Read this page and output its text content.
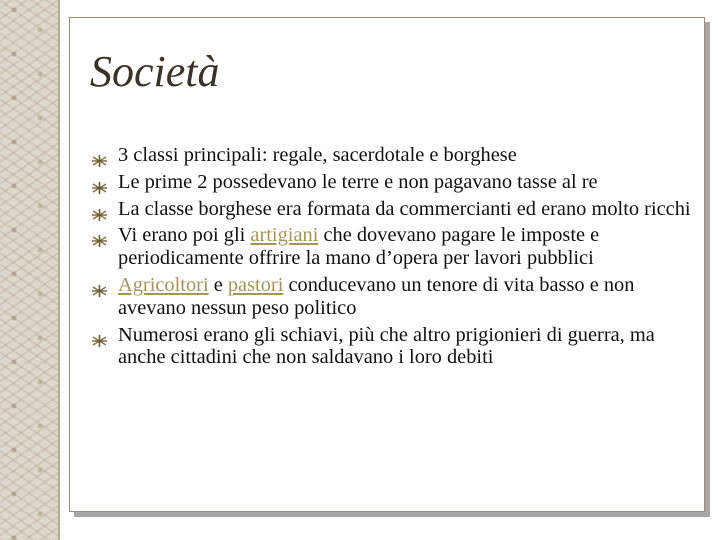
Società
3 classi principali: regale, sacerdotale e borghese
Le prime 2 possedevano le terre e non pagavano tasse al re
La classe borghese era formata da commercianti ed erano molto ricchi
Vi erano poi gli artigiani che dovevano pagare le imposte e periodicamente offrire la mano d’opera per lavori pubblici
Agricoltori e pastori conducevano un tenore di vita basso e non avevano nessun peso politico
Numerosi erano gli schiavi, più che altro prigionieri di guerra, ma anche cittadini che non saldavano i loro debiti
